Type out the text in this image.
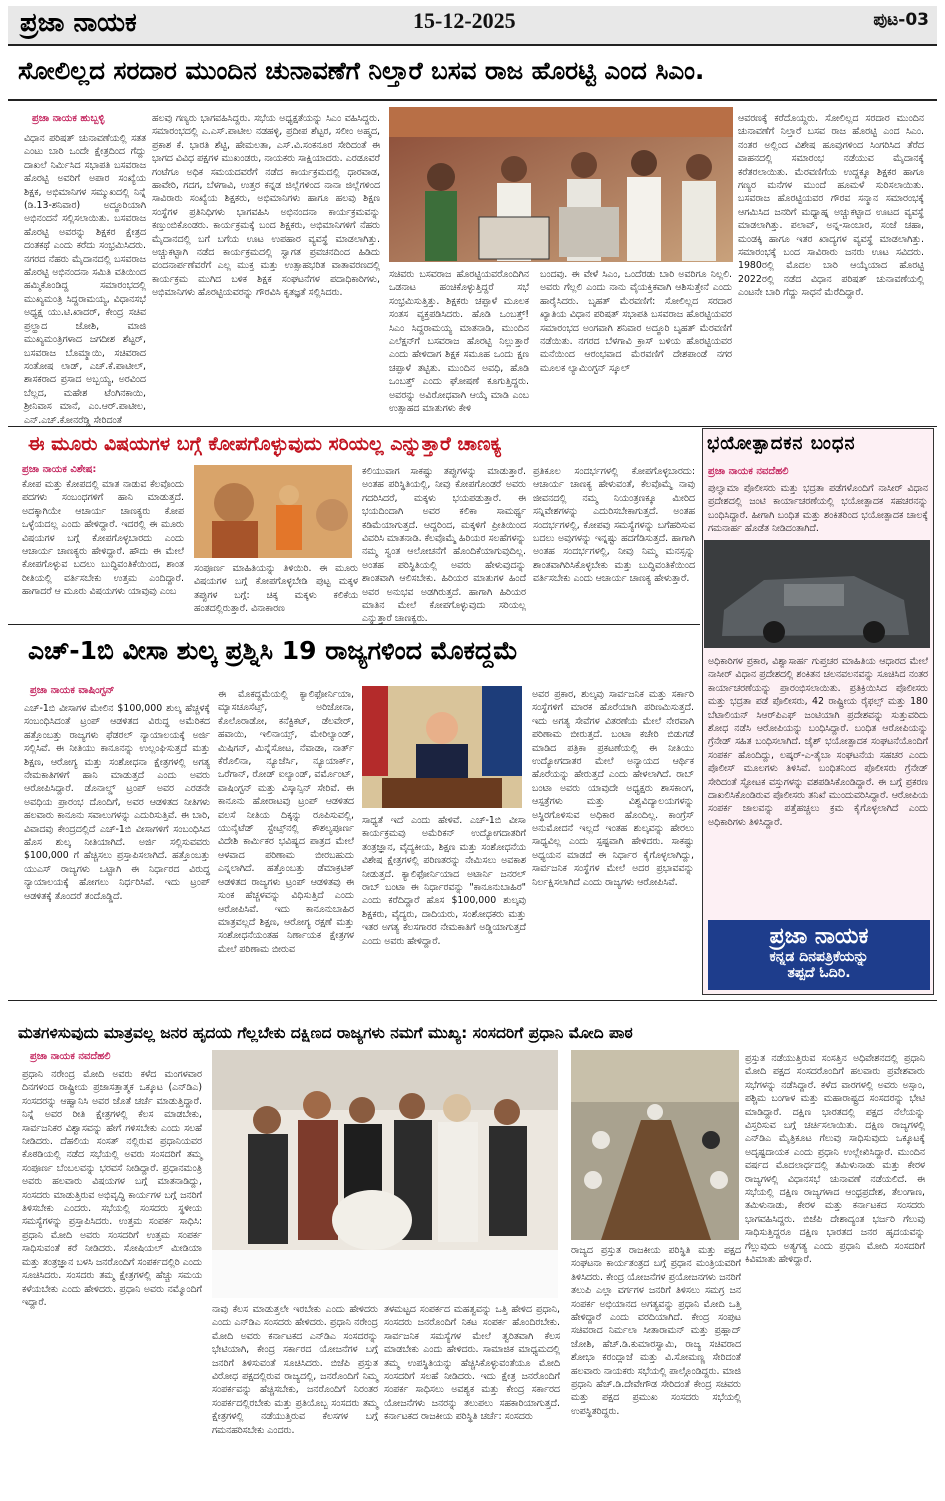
ಪ್ರಜಾ ನಾಯಕ	15-12-2025	ಪುಟ-03
ಸೋಲಿಲ್ಲದ ಸರದಾರ ಮುಂದಿನ ಚುನಾವಣೆಗೆ ನಿಲ್ತಾರೆ ಬಸವ ರಾಜ ಹೊರಟ್ಟಿ ಎಂದ ಸಿಎಂ.
ಪ್ರಜಾ ನಾಯಕ ಹುಬ್ಬಳ್ಳಿ
ವಿಧಾನ ಪರಿಷತ್ ಚುನಾವಣೆಯಲ್ಲಿ ಸತತ ಎಂಟು ಬಾರಿ ಒಂದೇ ಕ್ಷೇತ್ರದಿಂದ ಗೆದ್ದು ದಾಖಲೆ ನಿರ್ಮಿಸಿದ ಸಭಾಪತಿ ಬಸವರಾಜ ಹೊರಟ್ಟಿ ಅವರಿಗೆ ಅಪಾರ ಸಂಖ್ಯೆಯ ಶಿಕ್ಷಕ, ಅಭಿಮಾನಿಗಳ ಸಮ್ಮುಖದಲ್ಲಿ ನಿನ್ನೆ (ಡಿ.13-ಶನಿವಾರ) ಅದ್ಧೂರಿಯಾಗಿ ಅಭಿನಂದನೆ ಸಲ್ಲಿಸಲಾಯಿತು. ಬಸವರಾಜ ಹೊರಟ್ಟಿ ಅವರನ್ನು ಶಿಕ್ಷಕರ ಕ್ಷೇತ್ರದ ದಂತಕಥೆ ಎಂದು ಕರೆದು ಸಂಭ್ರಮಿಸಿದರು. ನಗರದ ನೆಹರು ಮೈದಾನದಲ್ಲಿ ಬಸವರಾಜ ಹೊರಟ್ಟಿ ಅಭಿನಂದನಾ ಸಮಿತಿ ವತಿಯಿಂದ ಹಮ್ಮಿಕೊಂಡಿದ್ದ ಸಮಾರಂಭದಲ್ಲಿ ಮುಖ್ಯಮಂತ್ರಿ ಸಿದ್ದರಾಮಯ್ಯ, ವಿಧಾನಸಭೆ ಅಧ್ಯಕ್ಷ ಯು.ಟಿ.ಖಾದರ್, ಕೇಂದ್ರ ಸಚಿವ ಪ್ರಲ್ಹಾದ ಜೋಶಿ, ಮಾಜಿ ಮುಖ್ಯಮಂತ್ರಿಗಳಾದ ಜಗದೀಶ ಶೆಟ್ಟರ್, ಬಸವರಾಜ ಬೊಮ್ಮಾಯಿ, ಸಚಿವರಾದ ಸಂತೋಷ ಲಾಡ್, ಎಚ್.ಕೆ.ಪಾಟೀಲ್, ಶಾಸಕರಾದ ಪ್ರಸಾದ ಅಬ್ಬಯ್ಯ, ಅರವಿಂದ ಬೆಲ್ಲದ, ಮಹೇಶ ಟೆಂಗಿನಕಾಯಿ, ಶ್ರೀನಿವಾಸ ಮಾನೆ, ಎಂ.ಆರ್.ಪಾಟೀಲ, ಎನ್.ಎಚ್.ಕೋನರೆಡ್ಡಿ ಸೇರಿದಂತೆ
ಹಲವು ಗಣ್ಯರು ಭಾಗವಹಿಸಿದ್ದರು. ಸಭೆಯ ಅಧ್ಯಕ್ಷತೆಯನ್ನು ಸಿಎಂ ವಹಿಸಿದ್ದರು. ಸಮಾರಂಭದಲ್ಲಿ ಎ.ಎಸ್.ಪಾಟೀಲ ನಡಹಳ್ಳಿ, ಪ್ರದೀಪ ಶೆಟ್ಟರ, ಸಲೀಂ ಅಹ್ಮದ, ಪ್ರಕಾಶ ಕೆ. ಭಾರತಿ ಶೆಟ್ಟಿ, ಹೇಮಲತಾ, ಎಸ್.ವಿ.ಸಂಕನೂರ ಸೇರಿದಂತೆ ಈ ಭಾಗದ ವಿವಿಧ ಪಕ್ಷಗಳ ಮುಖಂಡರು, ನಾಯಕರು ಸಾಕ್ಷಿಯಾದರು. ಎರಡೂವರೆ ಗಂಟೆಗೂ ಅಧಿಕ ಸಮಯದವರೆಗೆ ನಡೆದ ಕಾರ್ಯಕ್ರಮದಲ್ಲಿ ಧಾರವಾಡ, ಹಾವೇರಿ, ಗದಗ, ಬೆಳಗಾವಿ, ಉತ್ತರ ಕನ್ನಡ ಜಿಲ್ಲೆಗಳಿಂದ ನಾನಾ ಜಿಲ್ಲೆಗಳಿಂದ ಸಾವಿರಾರು ಸಂಖ್ಯೆಯ ಶಿಕ್ಷಕರು, ಅಭಿಮಾನಿಗಳು ಹಾಗೂ ಹಲವು ಶಿಕ್ಷಣ ಸಂಸ್ಥೆಗಳ ಪ್ರತಿನಿಧಿಗಳು ಭಾಗವಹಿಸಿ ಅಭಿನಂದನಾ ಕಾರ್ಯಕ್ರಮವನ್ನು ಕಣ್ತುಂಬಿಕೊಂಡರು. ಕಾರ್ಯಕ್ರಮಕ್ಕೆ ಬಂದ ಶಿಕ್ಷಕರು, ಅಭಿಮಾನಿಗಳಿಗೆ ನೆಹರು ಮೈದಾನದಲ್ಲಿ ಬಗೆ ಬಗೆಯ ಊಟ ಉಪಹಾರ ವ್ಯವಸ್ಥೆ ಮಾಡಲಾಗಿತ್ತು. ಅಚ್ಚುಕಟ್ಟಾಗಿ ನಡೆದ ಕಾರ್ಯಕ್ರಮದಲ್ಲಿ ಸ್ವಾಗತ ಪ್ರವಚನದಿಂದ ಹಿಡಿದು ವಂದನಾರ್ಪಣೆವರೆಗೆ ಎಲ್ಲ ಮುಕ್ತ ಮತ್ತು ಉತ್ಸಾಹಭರಿತ ವಾತಾವರಣದಲ್ಲಿ ಕಾರ್ಯಕ್ರಮ ಮುಗಿದ ಬಳಿಕ ಶಿಕ್ಷಕ ಸಂಘಟನೆಗಳ ಪದಾಧಿಕಾರಿಗಳು, ಅಭಿಮಾನಿಗಳು ಹೊರಟ್ಟಿಯವರನ್ನು ಗೌರವಿಸಿ ಕೃತಜ್ಞತೆ ಸಲ್ಲಿಸಿದರು.
ಸಚಿವರು ಬಸವರಾಜ ಹೊರಟ್ಟಿಯವರೊಂದಿಗಿನ ಒಡನಾಟ ಹಂಚಿಕೊಳ್ಳುತ್ತಿದ್ದರೆ ಸಭೆ ಸಂಭ್ರಮಿಸುತ್ತಿತ್ತು. ಶಿಕ್ಷಕರು ಚಪ್ಪಾಳೆ ಮೂಲಕ ಸಂತಸ ವ್ಯಕ್ತಪಡಿಸಿದರು. ಹೊಡಿ ಒಂಬತ್ತ್! ಸಿಎಂ ಸಿದ್ದರಾಮಯ್ಯ ಮಾತನಾಡಿ, ಮುಂದಿನ ಎಲೆಕ್ಷನ್‍ಗೆ ಬಸವರಾಜ ಹೊರಟ್ಟಿ ನಿಲ್ಲುತ್ತಾರೆ ಎಂದು ಹೇಳಿದಾಗ ಶಿಕ್ಷಕ ಸಮೂಹ ಒಂದು ಕ್ಷಣ ಚಪ್ಪಾಳೆ ತಟ್ಟಿತು. ಮುಂದಿನ ಅವಧಿ, ಹೊಡಿ ಒಂಬತ್ತ್ ಎಂದು ಘೋಷಣೆ ಕೂಗುತ್ತಿದ್ದರು. ಅವರನ್ನು ಅವಿರೋಧವಾಗಿ ಆಯ್ಕೆ ಮಾಡಿ ಎಂಬ ಉತ್ಸಾಹದ ಮಾತುಗಳು ಕೇಳಿ
ಬಂದವು. ಈ ವೇಳೆ ಸಿಎಂ, ಒಂದೆರಡು ಬಾರಿ ಅವರಿಗೂ ನಿಲ್ಲಲಿ. ಅವರು ಗೆಲ್ಲಲಿ ಎಂದು ನಾನು ವೈಯಕ್ತಿಕವಾಗಿ ಆಶಿಸುತ್ತೇನೆ ಎಂದು ಹಾರೈಸಿದರು. ಬೃಹತ್ ಮೆರವಣಿಗೆ: ಸೋಲಿಲ್ಲದ ಸರದಾರ ಖ್ಯಾತಿಯ ವಿಧಾನ ಪರಿಷತ್ ಸಭಾಪತಿ ಬಸವರಾಜ ಹೊರಟ್ಟಿಯವರ ಸಮಾರಂಭದ ಅಂಗವಾಗಿ ಶನಿವಾರ ಅದ್ಧೂರಿ ಬೃಹತ್ ಮೆರವಣಿಗೆ ನಡೆಯಿತು. ನಗರದ ಬೆಳಗಾವಿ ಕ್ರಾಸ್ ಬಳಿಯ ಹೊರಟ್ಟಿಯವರ ಮನೆಯಿಂದ ಆರಂಭವಾದ ಮೆರವಣಿಗೆ ದೇಶಪಾಂಡೆ ನಗರ ಮೂಲಕ ಲ್ಯಾಮಿಂಗ್ಟನ್ ಸ್ಕೂಲ್
ಆವರಣಕ್ಕೆ ಕರೆದೊಯ್ದರು. ಸೋಲಿಲ್ಲದ ಸರದಾರ ಮುಂದಿನ ಚುನಾವಣೆಗೆ ನಿಲ್ತಾರೆ ಬಸವ ರಾಜ ಹೊರಟ್ಟಿ ಎಂದ ಸಿಎಂ. ನಂತರ ಅಲ್ಲಿಂದ ವಿಶೇಷ ಹೂವುಗಳಿಂದ ಸಿಂಗರಿಸಿದ ತೆರೆದ ವಾಹನದಲ್ಲಿ ಸಮಾರಂಭ ನಡೆಯುವ ಮೈದಾನಕ್ಕೆ ಕರೆತರಲಾಯಿತು. ಮೆರವಣಿಗೆಯ ಉದ್ದಕ್ಕೂ ಶಿಕ್ಷಕರ ಹಾಗೂ ಗಣ್ಯರ ಮನೆಗಳ ಮುಂದೆ ಹೂಮಳೆ ಸುರಿಸಲಾಯಿತು. ಬಸವರಾಜ ಹೊರಟ್ಟಿಯವರ ಗೌರವ ಸನ್ಮಾನ ಸಮಾರಂಭಕ್ಕೆ ಆಗಮಿಸಿದ ಜನರಿಗೆ ಮಧ್ಯಾಹ್ನ ಅಚ್ಚುಕಟ್ಟಾದ ಊಟದ ವ್ಯವಸ್ಥೆ ಮಾಡಲಾಗಿತ್ತು. ಪಲಾವ್, ಅನ್ನ-ಸಾಂಬಾರ, ಸಂಜೆ ಚಹಾ, ಮಂಡಕ್ಕಿ ಹಾಗೂ ಇತರ ಖಾದ್ಯಗಳ ವ್ಯವಸ್ಥೆ ಮಾಡಲಾಗಿತ್ತು. ಸಮಾರಂಭಕ್ಕೆ ಬಂದ ಸಾವಿರಾರು ಜನರು ಊಟ ಸವಿದರು. 1980ರಲ್ಲಿ ಮೊದಲ ಬಾರಿ ಆಯ್ಕೆಯಾದ ಹೊರಟ್ಟಿ 2022ರಲ್ಲಿ ನಡೆದ ವಿಧಾನ ಪರಿಷತ್ ಚುನಾವಣೆಯಲ್ಲಿ ಎಂಟನೇ ಬಾರಿ ಗೆದ್ದು ಸಾಧನೆ ಮೆರೆದಿದ್ದಾರೆ.
ಈ ಮೂರು ವಿಷಯಗಳ ಬಗ್ಗೆ ಕೋಪಗೊಳ್ಳುವುದು ಸರಿಯಲ್ಲ ಎನ್ನುತ್ತಾರೆ ಚಾಣಕ್ಯ
ಪ್ರಜಾ ನಾಯಕ ವಿಶೇಷ:
ಕೋಪ ಮತ್ತು ಕೋಪದಲ್ಲಿ ಮಾತ ನಾಡುವ ಕೆಲವೊಂದು ಪದಗಳು ಸಂಬಂಧಗಳಿಗೆ ಹಾನಿ ಮಾಡುತ್ತದೆ. ಅದಕ್ಕಾಗಿಯೇ ಆಚಾರ್ಯ ಚಾಣಕ್ಯರು ಕೋಪ ಒಳ್ಳೆಯದಲ್ಲ ಎಂದು ಹೇಳಿದ್ದಾರೆ. ಇದರಲ್ಲಿ ಈ ಮೂರು ವಿಷಯಗಳ ಬಗ್ಗೆ ಕೋಪಗೊಳ್ಳಬಾರದು ಎಂದು ಆಚಾರ್ಯ ಚಾಣಕ್ಯರು ಹೇಳಿದ್ದಾರೆ. ಹೌದು ಈ ಮೇಲೆ ಕೋಪಗೊಳ್ಳುವ ಬದಲು ಬುದ್ಧಿವಂತಿಕೆಯಿಂದ, ಶಾಂತ ರೀತಿಯಲ್ಲಿ ವರ್ತಿಸಬೇಕು ಉತ್ತಮ ಎಂದಿದ್ದಾರೆ. ಹಾಗಾದರೆ ಆ ಮೂರು ವಿಷಯಗಳು ಯಾವುವು ಎಂಬ
ಸಂಪೂರ್ಣ ಮಾಹಿತಿಯನ್ನು ತಿಳಿಯಿರಿ. ಈ ಮೂರು ವಿಷಯಗಳ ಬಗ್ಗೆ ಕೋಪಗೊಳ್ಳಬೇಡಿ ಪುಟ್ಟ ಮಕ್ಕಳ ತಪ್ಪುಗಳ ಬಗ್ಗೆ: ಚಿಕ್ಕ ಮಕ್ಕಳು ಕಲಿಕೆಯ ಹಂತದಲ್ಲಿರುತ್ತಾರೆ. ವಿನಾಕಾರಣ
ಕಲಿಯುವಾಗ ಸಾಕಷ್ಟು ತಪ್ಪುಗಳನ್ನು ಮಾಡುತ್ತಾರೆ. ಅಂತಹ ಪರಿಸ್ಥಿತಿಯಲ್ಲಿ, ನೀವು ಕೋಪಗೊಂಡರೆ ಅವರು ಗದರಿಸಿದರೆ, ಮಕ್ಕಳು ಭಯಪಡುತ್ತಾರೆ. ಈ ಭಯದಿಂದಾಗಿ ಅವರ ಕಲಿಕಾ ಸಾಮರ್ಥ್ಯ ಕಡಿಮೆಯಾಗುತ್ತದೆ. ಆದ್ದರಿಂದ, ಮಕ್ಕಳಿಗೆ ಪ್ರೀತಿಯಿಂದ ವಿವರಿಸಿ ಮಾತನಾಡಿ. ಕೆಲವೊಮ್ಮೆ ಹಿರಿಯರ ಸಲಹೆಗಳನ್ನು ನಮ್ಮ ಸ್ವಂತ ಆಲೋಚನೆಗೆ ಹೊಂದಿಕೆಯಾಗುವುದಿಲ್ಲ. ಅಂತಹ ಪರಿಸ್ಥಿತಿಯಲ್ಲಿ ಅವರು ಹೇಳುವುದನ್ನು ಶಾಂತವಾಗಿ ಆಲಿಸಬೇಕು. ಹಿರಿಯರ ಮಾತುಗಳ ಹಿಂದೆ ಅವರ ಅನುಭವ ಅಡಗಿರುತ್ತದೆ. ಹಾಗಾಗಿ ಹಿರಿಯರ ಮಾತಿನ ಮೇಲೆ ಕೋಪಗೊಳ್ಳುವುದು ಸರಿಯಲ್ಲ ಎನ್ನುತ್ತಾರೆ ಚಾಣಕ್ಯರು.
ಪ್ರತಿಕೂಲ ಸಂದರ್ಭಗಳಲ್ಲಿ ಕೋಪಗೊಳ್ಳಬಾರದು: ಆಚಾರ್ಯ ಚಾಣಕ್ಯ ಹೇಳುವಂತೆ, ಕೆಲವೊಮ್ಮೆ ನಾವು ಜೀವನದಲ್ಲಿ ನಮ್ಮ ನಿಯಂತ್ರಣಕ್ಕೂ ಮೀರಿದ ಸನ್ನಿವೇಶಗಳನ್ನು ಎದುರಿಸಬೇಕಾಗುತ್ತದೆ. ಅಂತಹ ಸಂದರ್ಭಗಳಲ್ಲಿ, ಕೋಪವು ಸಮಸ್ಯೆಗಳನ್ನು ಬಗೆಹರಿಸುವ ಬದಲು ಅವುಗಳನ್ನು ಇನ್ನಷ್ಟು ಹದಗೆಡಿಸುತ್ತದೆ. ಹಾಗಾಗಿ ಅಂತಹ ಸಂದರ್ಭಗಳಲ್ಲಿ, ನೀವು ನಿಮ್ಮ ಮನಸ್ಸನ್ನು ಶಾಂತವಾಗಿರಿಸಿಕೊಳ್ಳಬೇಕು ಮತ್ತು ಬುದ್ಧಿವಂತಿಕೆಯಿಂದ ವರ್ತಿಸಬೇಕು ಎಂದು ಆಚಾರ್ಯ ಚಾಣಕ್ಯ ಹೇಳುತ್ತಾರೆ.
ಭಯೋತ್ಪಾದಕನ ಬಂಧನ
ಪ್ರಜಾ ನಾಯಕ ನವದೆಹಲಿ
ಪುಲ್ವಾಮಾ ಪೊಲೀಸರು ಮತ್ತು ಭದ್ರತಾ ಪಡೆಗಳೊಂದಿಗೆ ನಾಸೀರ್ ವಿಧಾನ ಪ್ರದೇಶದಲ್ಲಿ ಜಂಟಿ ಕಾರ್ಯಾಚರಣೆಯಲ್ಲಿ ಭಯೋತ್ಪಾದಕ ಸಹಚರನನ್ನು ಬಂಧಿಸಿದ್ದಾರೆ. ಹೀಗಾಗಿ ಬಂಧಿತ ಮತ್ತು ಶಂಕಿತರಿಂದ ಭಯೋತ್ಪಾದಕ ಚಾಲಕ್ಕೆ ಗಮನಾರ್ಹ ಹೊಡೆತ ನೀಡಿದಂತಾಗಿದೆ.
ಅಧಿಕಾರಿಗಳ ಪ್ರಕಾರ, ವಿಶ್ವಾಸಾರ್ಹ ಗುಪ್ತಚರ ಮಾಹಿತಿಯ ಆಧಾರದ ಮೇಲೆ ನಾಸೀರ್ ವಿಧಾನ ಪ್ರದೇಶದಲ್ಲಿ ಶಂಕಿತನ ಚಲನವಲನವನ್ನು ಸೂಚಿಸಿದ ನಂತರ ಕಾರ್ಯಾಚರಣೆಯನ್ನು ಪ್ರಾರಂಭಿಸಲಾಯಿತು. ಪ್ರತಿಕ್ರಿಯಿಸಿದ ಪೊಲೀಸರು ಮತ್ತು ಭದ್ರತಾ ಪಡೆ ಪೊಲೀಸರು, 42 ರಾಷ್ಟ್ರೀಯ ರೈಫಲ್ಸ್ ಮತ್ತು 180 ಬೆಟಾಲಿಯನ್ ಸಿಆರ್‌ಪಿಎಫ್ ಜಂಟಿಯಾಗಿ ಪ್ರದೇಶವನ್ನು ಸುತ್ತುವರಿದು ಶೋಧ ನಡೆಸಿ ಆರೋಪಿಯನ್ನು ಬಂಧಿಸಿದ್ದಾರೆ. ಬಂಧಿತ ಆರೋಪಿಯನ್ನು ಗ್ರೆನೇಡ್ ಸಹಿತ ಬಂಧಿಸಲಾಗಿದೆ. ಜೈಶ್ ಭಯೋತ್ಪಾದಕ ಸಂಘಟನೆಯೊಂದಿಗೆ ಸಂಪರ್ಕ ಹೊಂದಿದ್ದು, ಲಷ್ಕರ್-ಎ-ತೈಬಾ ಸಂಘಟನೆಯ ಸಹಚರ ಎಂದು ಪೊಲೀಸ್ ಮೂಲಗಳು ತಿಳಿಸಿವೆ. ಬಂಧಿತನಿಂದ ಪೊಲೀಸರು ಗ್ರೆನೇಡ್ ಸೇರಿದಂತೆ ಸ್ಫೋಟಕ ವಸ್ತುಗಳನ್ನು ವಶಪಡಿಸಿಕೊಂಡಿದ್ದಾರೆ. ಈ ಬಗ್ಗೆ ಪ್ರಕರಣ ದಾಖಲಿಸಿಕೊಂಡಿರುವ ಪೊಲೀಸರು ತನಿಖೆ ಮುಂದುವರಿಸಿದ್ದಾರೆ. ಆರೋಪಿಯ ಸಂಪರ್ಕ ಜಾಲವನ್ನು ಪತ್ತೆಹಚ್ಚಲು ಕ್ರಮ ಕೈಗೊಳ್ಳಲಾಗಿದೆ ಎಂದು ಅಧಿಕಾರಿಗಳು ತಿಳಿಸಿದ್ದಾರೆ.
ಪ್ರಜಾ ನಾಯಕ
ಕನ್ನಡ ದಿನಪತ್ರಿಕೆಯನ್ನು
ತಪ್ಪದೆ ಓದಿರಿ.
ಎಚ್-1ಬಿ ವೀಸಾ ಶುಲ್ಕ ಪ್ರಶ್ನಿಸಿ 19 ರಾಜ್ಯಗಳಿಂದ ಮೊಕದ್ದಮೆ
ಪ್ರಜಾ ನಾಯಕ ವಾಷಿಂಗ್ಟನ್
ಎಚ್-1ಬಿ ವೀಸಾಗಳ ಮೇಲಿನ $100,000 ಶುಲ್ಕ ಹೆಚ್ಚಳಕ್ಕೆ ಸಂಬಂಧಿಸಿದಂತೆ ಟ್ರಂಪ್ ಆಡಳಿತದ ವಿರುದ್ಧ ಅಮೆರಿಕದ ಹತ್ತೊಂಬತ್ತು ರಾಜ್ಯಗಳು ಫೆಡರಲ್ ನ್ಯಾಯಾಲಯಕ್ಕೆ ಅರ್ಜಿ ಸಲ್ಲಿಸಿವೆ. ಈ ನೀತಿಯು ಕಾನೂನನ್ನು ಉಲ್ಲಂಘಿಸುತ್ತದೆ ಮತ್ತು ಶಿಕ್ಷಣ, ಆರೋಗ್ಯ ಮತ್ತು ಸಂಶೋಧನಾ ಕ್ಷೇತ್ರಗಳಲ್ಲಿ ಅಗತ್ಯ ನೇಮಕಾತಿಗಳಿಗೆ ಹಾನಿ ಮಾಡುತ್ತದೆ ಎಂದು ಅವರು ಆರೋಪಿಸಿದ್ದಾರೆ. ಡೊನಾಲ್ಡ್ ಟ್ರಂಪ್ ಅವರ ಎರಡನೇ ಅವಧಿಯ ಪ್ರಾರಂಭ ದೊಂದಿಗೆ, ಅವರ ಆಡಳಿತದ ನೀತಿಗಳು ಹಲವಾರು ಕಾನೂನು ಸವಾಲುಗಳನ್ನು ಎದುರಿಸುತ್ತಿವೆ. ಈ ಬಾರಿ, ವಿವಾದವು ಕೇಂದ್ರದಲ್ಲಿದೆ ಎಚ್-1ಬಿ ವೀಸಾಗಳಿಗೆ ಸಂಬಂಧಿಸಿದ ಹೊಸ ಶುಲ್ಕ ನೀತಿಯಾಗಿದೆ. ಅರ್ಜಿ ಸಲ್ಲಿಸುವವರು $100,000 ಗೆ ಹೆಚ್ಚಿಸಲು ಪ್ರಸ್ತಾಪಿಸಲಾಗಿದೆ. ಹತ್ತೊಂಬತ್ತು ಯುಎಸ್ ರಾಜ್ಯಗಳು ಒಟ್ಟಾಗಿ ಈ ನಿರ್ಧಾರದ ವಿರುದ್ಧ ನ್ಯಾಯಾಲಯಕ್ಕೆ ಹೋಗಲು ನಿರ್ಧರಿಸಿವೆ. ಇದು ಟ್ರಂಪ್ ಆಡಳಿತಕ್ಕೆ ತೊಂದರೆ ತಂದೊಡ್ಡಿದೆ.
ಈ ಮೊಕದ್ದಮೆಯಲ್ಲಿ ಕ್ಯಾಲಿಫೋರ್ನಿಯಾ, ಮ್ಯಾಸಚೂಸೆಟ್ಸ್, ಅರಿಜೋನಾ, ಕೊಲೊರಾಡೋ, ಕನೆಕ್ಟಿಕಟ್, ಡೆಲವೇರ್, ಹವಾಯಿ, ಇಲಿನಾಯ್ಸ್, ಮೇರಿಲ್ಯಾಂಡ್, ಮಿಷಿಗನ್, ಮಿನ್ನೆಸೋಟ, ನೆವಾಡಾ, ನಾರ್ತ್ ಕೆರೊಲಿನಾ, ನ್ಯೂಜೆರ್ಸಿ, ನ್ಯೂಯಾರ್ಕ್, ಒರೆಗಾನ್, ರೋಡ್ ಐಲ್ಯಾಂಡ್, ವರ್ಮೊಂಟ್, ವಾಷಿಂಗ್ಟನ್ ಮತ್ತು ವಿಸ್ಕಾನ್ಸಿನ್ ಸೇರಿವೆ. ಈ ಕಾನೂನು ಹೋರಾಟವು ಟ್ರಂಪ್ ಆಡಳಿತದ ವಲಸೆ ನೀತಿಯ ದಿಕ್ಕನ್ನು ರೂಪಿಸುವಲ್ಲಿ, ಯುನೈಟೆಡ್ ಸ್ಟೇಟ್ಸ್‌ನಲ್ಲಿ ಕೌಶಲ್ಯಪೂರ್ಣ ವಿದೇಶಿ ಕಾರ್ಮಿಕರ ಭವಿಷ್ಯದ ಪಾತ್ರದ ಮೇಲೆ ಆಳವಾದ ಪರಿಣಾಮ ಬೀರಬಹುದು ಎನ್ನಲಾಗಿದೆ. ಹತ್ತೊಂಬತ್ತು ಡೆಮಾಕ್ರಟಿಕ್ ಆಡಳಿತದ ರಾಜ್ಯಗಳು ಟ್ರಂಪ್ ಆಡಳಿತವು ಈ ಸುಂಕ ಹೆಚ್ಚಳವನ್ನು ವಿಧಿಸುತ್ತಿದೆ ಎಂದು ಆರೋಪಿಸಿವೆ. ಇದು ಕಾನೂನುಬಾಹಿರ ಮಾತ್ರವಲ್ಲದೆ ಶಿಕ್ಷಣ, ಆರೋಗ್ಯ ರಕ್ಷಣೆ ಮತ್ತು ಸಂಶೋಧನೆಯಂತಹ ನಿರ್ಣಾಯಕ ಕ್ಷೇತ್ರಗಳ ಮೇಲೆ ಪರಿಣಾಮ ಬೀರುವ
ಸಾಧ್ಯತೆ ಇದೆ ಎಂದು ಹೇಳಿವೆ. ಎಚ್-1ಬಿ ವೀಸಾ ಕಾರ್ಯಕ್ರಮವು ಅಮೆರಿಕನ್ ಉದ್ಯೋಗದಾತರಿಗೆ ತಂತ್ರಜ್ಞಾನ, ವೈದ್ಯಕೀಯ, ಶಿಕ್ಷಣ ಮತ್ತು ಸಂಶೋಧನೆಯ ವಿಶೇಷ ಕ್ಷೇತ್ರಗಳಲ್ಲಿ ಪರಿಣತರನ್ನು ನೇಮಿಸಲು ಅವಕಾಶ ನೀಡುತ್ತದೆ. ಕ್ಯಾಲಿಫೋರ್ನಿಯಾದ ಅಟಾರ್ನಿ ಜನರಲ್ ರಾಬ್ ಬಂಟಾ ಈ ನಿರ್ಧಾರವನ್ನು "ಕಾನೂನುಬಾಹಿರ" ಎಂದು ಕರೆದಿದ್ದಾರೆ ಹೊಸ $100,000 ಶುಲ್ಕವು ಶಿಕ್ಷಕರು, ವೈದ್ಯರು, ದಾದಿಯರು, ಸಂಶೋಧಕರು ಮತ್ತು ಇತರ ಅಗತ್ಯ ಕೆಲಸಗಾರರ ನೇಮಕಾತಿಗೆ ಅಡ್ಡಿಯಾಗುತ್ತದೆ ಎಂದು ಅವರು ಹೇಳಿದ್ದಾರೆ.
ಅವರ ಪ್ರಕಾರ, ಶುಲ್ಕವು ಸಾರ್ವಜನಿಕ ಮತ್ತು ಸರ್ಕಾರಿ ಸಂಸ್ಥೆಗಳಿಗೆ ಮಾರಕ ಹೊರೆಯಾಗಿ ಪರಿಣಮಿಸುತ್ತದೆ. ಇದು ಅಗತ್ಯ ಸೇವೆಗಳ ವಿತರಣೆಯ ಮೇಲೆ ನೇರವಾಗಿ ಪರಿಣಾಮ ಬೀರುತ್ತದೆ. ಬಂಟಾ ಕಚೇರಿ ಬಿಡುಗಡೆ ಮಾಡಿದ ಪತ್ರಿಕಾ ಪ್ರಕಟಣೆಯಲ್ಲಿ ಈ ನೀತಿಯು ಉದ್ಯೋಗದಾತರ ಮೇಲೆ ಅನ್ಯಾಯದ ಆರ್ಥಿಕ ಹೊರೆಯನ್ನು ಹೇರುತ್ತದೆ ಎಂದು ಹೇಳಲಾಗಿದೆ. ರಾಬ್ ಬಂಟಾ ಅವರು ಯಾವುದೇ ಅಧ್ಯಕ್ಷರು ಶಾಸಕಾಂಗ, ಆಸ್ಪತ್ರೆಗಳು ಮತ್ತು ವಿಶ್ವವಿದ್ಯಾಲಯಗಳನ್ನು ಅಸ್ಥಿರಗೊಳಿಸುವ ಅಧಿಕಾರ ಹೊಂದಿಲ್ಲ. ಕಾಂಗ್ರೆಸ್ ಅನುಮೋದನೆ ಇಲ್ಲದೆ ಇಂತಹ ಶುಲ್ಕವನ್ನು ಹೇರಲು ಸಾಧ್ಯವಿಲ್ಲ ಎಂದು ಸ್ಪಷ್ಟವಾಗಿ ಹೇಳಿದರು. ಸಾಕಷ್ಟು ಅಧ್ಯಯನ ಮಾಡದೆ ಈ ನಿರ್ಧಾರ ಕೈಗೊಳ್ಳಲಾಗಿದ್ದು, ಸಾರ್ವಜನಿಕ ಸಂಸ್ಥೆಗಳ ಮೇಲೆ ಅದರ ಪ್ರಭಾವವನ್ನು ನಿರ್ಲಕ್ಷಿಸಲಾಗಿದೆ ಎಂದು ರಾಜ್ಯಗಳು ಆರೋಪಿಸಿವೆ.
ಮತಗಳಿಸುವುದು ಮಾತ್ರವಲ್ಲ ಜನರ ಹೃದಯ ಗೆಲ್ಲಬೇಕು ದಕ್ಷಿಣದ ರಾಜ್ಯಗಳು ನಮಗೆ ಮುಖ್ಯ: ಸಂಸದರಿಗೆ ಪ್ರಧಾನಿ ಮೋದಿ ಪಾಠ
ಪ್ರಜಾ ನಾಯಕ ನವದೆಹಲಿ
ಪ್ರಧಾನಿ ನರೇಂದ್ರ ಮೋದಿ ಅವರು ಕಳೆದ ಮಂಗಳವಾರ ದಿನಗಳಂದ ರಾಷ್ಟ್ರೀಯ ಪ್ರಜಾಸತ್ತಾತ್ಮಕ ಒಕ್ಕೂಟ (ಎನ್‌ಡಿಎ) ಸಂಸದರನ್ನು ಆಹ್ವಾನಿಸಿ ಅವರ ಜೊತೆ ಚರ್ಚೆ ಮಾಡುತ್ತಿದ್ದಾರೆ. ನಿನ್ನೆ ಅವರ ರೀತಿ ಕ್ಷೇತ್ರಗಳಲ್ಲಿ ಕೆಲಸ ಮಾಡಬೇಕು, ಸಾರ್ವಜನಿಕರ ವಿಶ್ವಾಸವನ್ನು ಹೇಗೆ ಗಳಿಸಬೇಕು ಎಂದು ಸಲಹೆ ನೀಡಿದರು. ದೆಹಲಿಯ ಸಂಸತ್ ನಲ್ಲಿರುವ ಪ್ರಧಾನಿಯವರ ಕೊಠಡಿಯಲ್ಲಿ ನಡೆದ ಸಭೆಯಲ್ಲಿ ಅವರು ಸಂಸದರಿಗೆ ತಮ್ಮ ಸಂಪೂರ್ಣ ಬೆಂಬಲವನ್ನು ಭರವಸೆ ನೀಡಿದ್ದಾರೆ. ಪ್ರಧಾನಮಂತ್ರಿ ಅವರು ಹಲವಾರು ವಿಷಯಗಳ ಬಗ್ಗೆ ಮಾತನಾಡಿದ್ದು, ಸಂಸದರು ಮಾಡುತ್ತಿರುವ ಅಭಿವೃದ್ಧಿ ಕಾರ್ಯಗಳ ಬಗ್ಗೆ ಜನರಿಗೆ ತಿಳಿಸಬೇಕು ಎಂದರು. ಸಭೆಯಲ್ಲಿ ಸಂಸದರು ಸ್ಥಳೀಯ ಸಮಸ್ಯೆಗಳನ್ನು ಪ್ರಸ್ತಾಪಿಸಿದರು. ಉತ್ತಮ ಸಂಪರ್ಕ ಸಾಧಿಸಿ: ಪ್ರಧಾನಿ ಮೋದಿ ಅವರು ಸಂಸದರಿಗೆ ಉತ್ತಮ ಸಂಪರ್ಕ ಸಾಧಿಸುವಂತೆ ಕರೆ ನೀಡಿದರು. ಸೋಷಿಯಲ್ ಮೀಡಿಯಾ ಮತ್ತು ತಂತ್ರಜ್ಞಾನ ಬಳಸಿ ಜನರೊಂದಿಗೆ ಸಂಪರ್ಕದಲ್ಲಿರಿ ಎಂದು ಸೂಚಿಸಿದರು. ಸಂಸದರು ತಮ್ಮ ಕ್ಷೇತ್ರಗಳಲ್ಲಿ ಹೆಚ್ಚು ಸಮಯ ಕಳೆಯಬೇಕು ಎಂದು ಹೇಳಿದರು. ಪ್ರಧಾನಿ ಅವರು ನಮ್ಮೊಂದಿಗೆ ಇದ್ದಾರೆ.
ಪ್ರಸ್ತುತ ನಡೆಯುತ್ತಿರುವ ಸಂಸತ್ತಿನ ಅಧಿವೇಶನದಲ್ಲಿ ಪ್ರಧಾನಿ ಮೋದಿ ಪಕ್ಷದ ಸಂಸದರೊಂದಿಗೆ ಹಲವಾರು ಪ್ರವೇಶವಾರು ಸಭೆಗಳನ್ನು ನಡೆಸಿದ್ದಾರೆ. ಕಳೆದ ವಾರಗಳಲ್ಲಿ ಅವರು ಅಸ್ಸಾಂ, ಪಶ್ಚಿಮ ಬಂಗಾಳ ಮತ್ತು ಮಹಾರಾಷ್ಟ್ರದ ಸಂಸದರನ್ನು ಭೇಟಿ ಮಾಡಿದ್ದಾರೆ. ದಕ್ಷಿಣ ಭಾರತದಲ್ಲಿ ಪಕ್ಷದ ನೆಲೆಯನ್ನು ವಿಸ್ತರಿಸುವ ಬಗ್ಗೆ ಚರ್ಚಿಸಲಾಯಿತು. ದಕ್ಷಿಣ ರಾಜ್ಯಗಳಲ್ಲಿ ಎನ್‌ಡಿಎ ಮೈತ್ರಿಕೂಟ ಗೆಲುವು ಸಾಧಿಸುವುದು ಒಕ್ಕೂಟಕ್ಕೆ ಅದೃಷ್ಟದಾಯಕ ಎಂದು ಪ್ರಧಾನಿ ಉಲ್ಲೇಖಿಸಿದ್ದಾರೆ. ಮುಂದಿನ ವರ್ಷದ ಮೊದಲಾರ್ಧದಲ್ಲಿ ತಮಿಳುನಾಡು ಮತ್ತು ಕೇರಳ ರಾಜ್ಯಗಳಲ್ಲಿ ವಿಧಾನಸಭೆ ಚುನಾವಣೆ ನಡೆಯಲಿದೆ. ಈ ಸಭೆಯಲ್ಲಿ ದಕ್ಷಿಣ ರಾಜ್ಯಗಳಾದ ಆಂಧ್ರಪ್ರದೇಶ, ತೆಲಂಗಾಣ, ತಮಿಳುನಾಡು, ಕೇರಳ ಮತ್ತು ಕರ್ನಾಟಕದ ಸಂಸದರು ಭಾಗವಹಿಸಿದ್ದರು. ಬಿಜೆಪಿ ದೇಶಾದ್ಯಂತ ಭರ್ಜರಿ ಗೆಲುವು ಸಾಧಿಸುತ್ತಿದ್ದರೂ ದಕ್ಷಿಣ ಭಾರತದ ಜನರ ಹೃದಯವನ್ನು ಗೆಲ್ಲುವುದು ಅತ್ಯಗತ್ಯ ಎಂದು ಪ್ರಧಾನಿ ಮೋದಿ ಸಂಸದರಿಗೆ ಕಿವಿಮಾತು ಹೇಳಿದ್ದಾರೆ.
ನಾವು ಕೆಲಸ ಮಾಡುತ್ತಲೇ ಇರಬೇಕು ಎಂದು ಹೇಳಿದರು ಎಂದು ಎನ್‌ಡಿಎ ಸಂಸದರು ಹೇಳಿದರು. ಪ್ರಧಾನಿ ನರೇಂದ್ರ ಮೋದಿ ಅವರು ಕರ್ನಾಟಕದ ಎನ್‌ಡಿಎ ಸಂಸದರನ್ನು ಭೇಟಿಯಾಗಿ, ಕೇಂದ್ರ ಸರ್ಕಾರದ ಯೋಜನೆಗಳ ಬಗ್ಗೆ ಜನರಿಗೆ ತಿಳಿಸುವಂತೆ ಸೂಚಿಸಿದರು. ಬಿಜೆಪಿ ಪ್ರಸ್ತುತ ವಿರೋಧ ಪಕ್ಷದಲ್ಲಿರುವ ರಾಜ್ಯದಲ್ಲಿ, ಜನರೊಂದಿಗೆ ನಿಮ್ಮ ಸಂಪರ್ಕವನ್ನು ಹೆಚ್ಚಿಸಬೇಕು, ಜನರೊಂದಿಗೆ ನಿರಂತರ ಸಂಪರ್ಕದಲ್ಲಿರಬೇಕು ಮತ್ತು ಪ್ರತಿಯೊಬ್ಬ ಸಂಸದರು ತಮ್ಮ ಕ್ಷೇತ್ರಗಳಲ್ಲಿ ನಡೆಯುತ್ತಿರುವ ಕೆಲಸಗಳ ಬಗ್ಗೆ ಗಮನಹರಿಸಬೇಕು ಎಂದರು.
ತಳಮಟ್ಟದ ಸಂಪರ್ಕದ ಮಹತ್ವವನ್ನು ಒತ್ತಿ ಹೇಳಿದ ಪ್ರಧಾನಿ, ಸಂಸದರು ಜನರೊಂದಿಗೆ ನಿಕಟ ಸಂಪರ್ಕ ಹೊಂದಿರಬೇಕು. ಸಾರ್ವಜನಿಕ ಸಮಸ್ಯೆಗಳ ಮೇಲೆ ತ್ವರಿತವಾಗಿ ಕೆಲಸ ಮಾಡಬೇಕು ಎಂದು ಹೇಳಿದರು. ಸಾಮಾಜಿಕ ಮಾಧ್ಯಮದಲ್ಲಿ ತಮ್ಮ ಉಪಸ್ಥಿತಿಯನ್ನು ಹೆಚ್ಚಿಸಿಕೊಳ್ಳುವಂತೆಯೂ ಮೋದಿ ಸಂಸದರಿಗೆ ಸಲಹೆ ನೀಡಿದರು. ಇದು ಕ್ಷೇತ್ರ ಜನರೊಂದಿಗೆ ಸಂಪರ್ಕ ಸಾಧಿಸಲು ಅವಶ್ಯಕ ಮತ್ತು ಕೇಂದ್ರ ಸರ್ಕಾರದ ಯೋಜನೆಗಳು ಜನರನ್ನು ತಲುಪಲು ಸಹಕಾರಿಯಾಗುತ್ತದೆ. ಕರ್ನಾಟಕದ ರಾಜಕೀಯ ಪರಿಸ್ಥಿತಿ ಚರ್ಚೆ: ಸಂಸದರು
ರಾಜ್ಯದ ಪ್ರಸ್ತುತ ರಾಜಕೀಯ ಪರಿಸ್ಥಿತಿ ಮತ್ತು ಪಕ್ಷದ ಸಂಘಟನಾ ಕಾರ್ಯತಂತ್ರದ ಬಗ್ಗೆ ಪ್ರಧಾನ ಮಂತ್ರಿಯವರಿಗೆ ತಿಳಿಸಿದರು. ಕೇಂದ್ರ ಯೋಜನೆಗಳ ಪ್ರಯೋಜನಗಳು ಜನರಿಗೆ ತಲುಪಿ ಎಲ್ಲಾ ವರ್ಗಗಳ ಜನರಿಗೆ ತಿಳಿಸಲು ಸಮಗ್ರ ಜನ ಸಂಪರ್ಕ ಅಭಿಯಾನದ ಅಗತ್ಯವನ್ನು ಪ್ರಧಾನಿ ಮೋದಿ ಒತ್ತಿ ಹೇಳಿದ್ದಾರೆ ಎಂದು ವರದಿಯಾಗಿದೆ. ಕೇಂದ್ರ ಸಂಪುಟ ಸಚಿವರಾದ ನಿರ್ಮಲಾ ಸೀತಾರಾಮನ್ ಮತ್ತು ಪ್ರಹ್ಲಾದ್ ಜೋಶಿ, ಹೆಚ್.ಡಿ.ಕುಮಾರಸ್ವಾಮಿ, ರಾಜ್ಯ ಸಚಿವರಾದ ಶೋಭಾ ಕರಂದ್ಲಾಜೆ ಮತ್ತು ವಿ.ಸೋಮಣ್ಣ ಸೇರಿದಂತೆ ಹಲವಾರು ನಾಯಕರು ಸಭೆಯಲ್ಲಿ ಪಾಲ್ಗೊಂಡಿದ್ದರು. ಮಾಜಿ ಪ್ರಧಾನಿ ಹೆಚ್.ಡಿ.ದೇವೇಗೌಡ ಸೇರಿದಂತೆ ಕೇಂದ್ರ ಸಚಿವರು ಮತ್ತು ಪಕ್ಷದ ಪ್ರಮುಖ ಸಂಸದರು ಸಭೆಯಲ್ಲಿ ಉಪಸ್ಥಿತರಿದ್ದರು.
